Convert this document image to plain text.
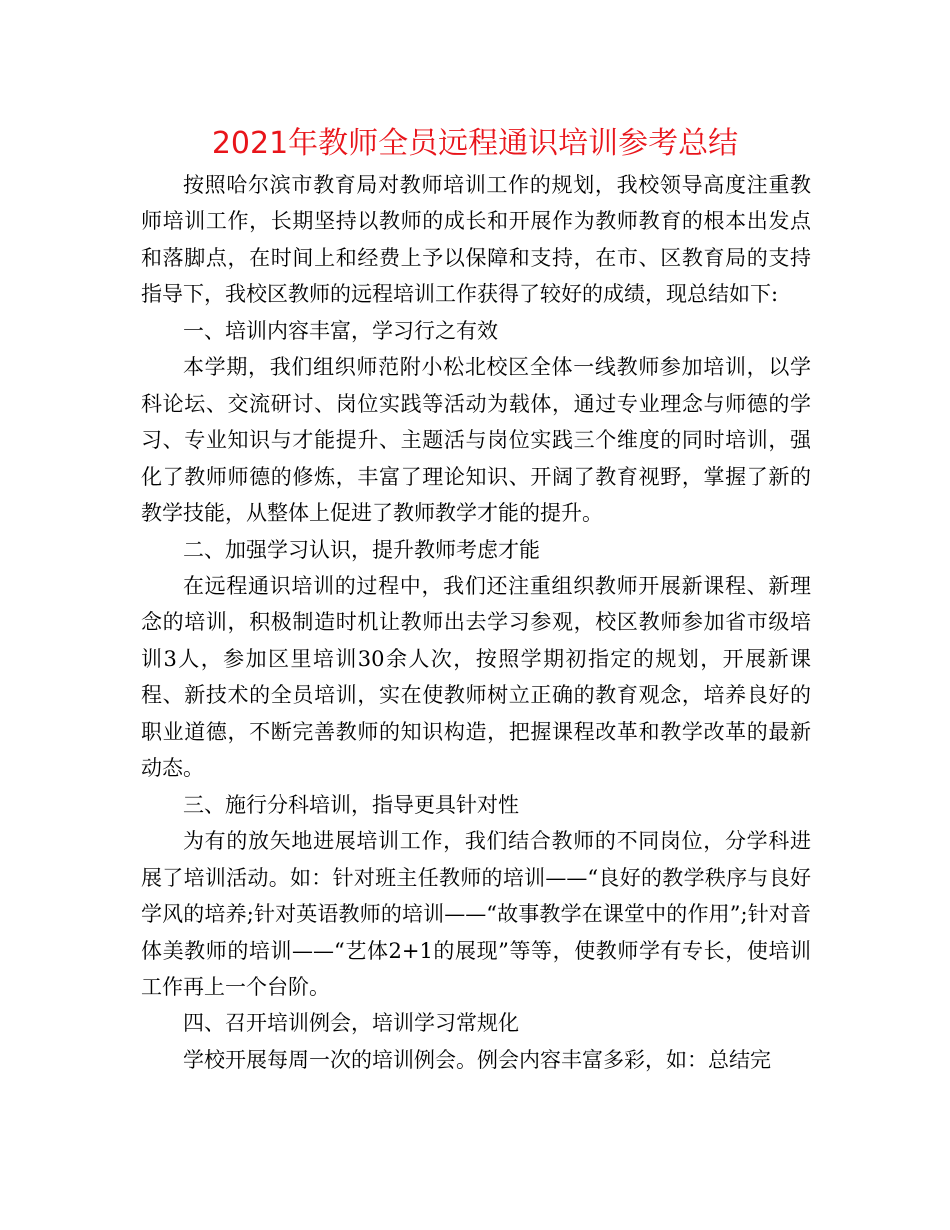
2021年教师全员远程通识培训参考总结

按照哈尔滨市教育局对教师培训工作的规划，我校领导高度注重教师培训工作，长期坚持以教师的成长和开展作为教师教育的根本出发点和落脚点，在时间上和经费上予以保障和支持，在市、区教育局的支持指导下，我校区教师的远程培训工作获得了较好的成绩，现总结如下:

一、培训内容丰富，学习行之有效

本学期，我们组织师范附小松北校区全体一线教师参加培训，以学科论坛、交流研讨、岗位实践等活动为载体，通过专业理念与师德的学习、专业知识与才能提升、主题活与岗位实践三个维度的同时培训，强化了教师师德的修炼，丰富了理论知识、开阔了教育视野，掌握了新的教学技能，从整体上促进了教师教学才能的提升。

二、加强学习认识，提升教师考虑才能

在远程通识培训的过程中，我们还注重组织教师开展新课程、新理念的培训，积极制造时机让教师出去学习参观，校区教师参加省市级培训3人，参加区里培训30余人次，按照学期初指定的规划，开展新课程、新技术的全员培训，实在使教师树立正确的教育观念，培养良好的职业道德，不断完善教师的知识构造，把握课程改革和教学改革的最新动态。

三、施行分科培训，指导更具针对性

为有的放矢地进展培训工作，我们结合教师的不同岗位，分学科进展了培训活动。如：针对班主任教师的培训——“良好的教学秩序与良好学风的培养;针对英语教师的培训——“故事教学在课堂中的作用”;针对音体美教师的培训——“艺体2+1的展现”等等，使教师学有专长，使培训工作再上一个台阶。

四、召开培训例会，培训学习常规化

学校开展每周一次的培训例会。例会内容丰富多彩，如：总结完
